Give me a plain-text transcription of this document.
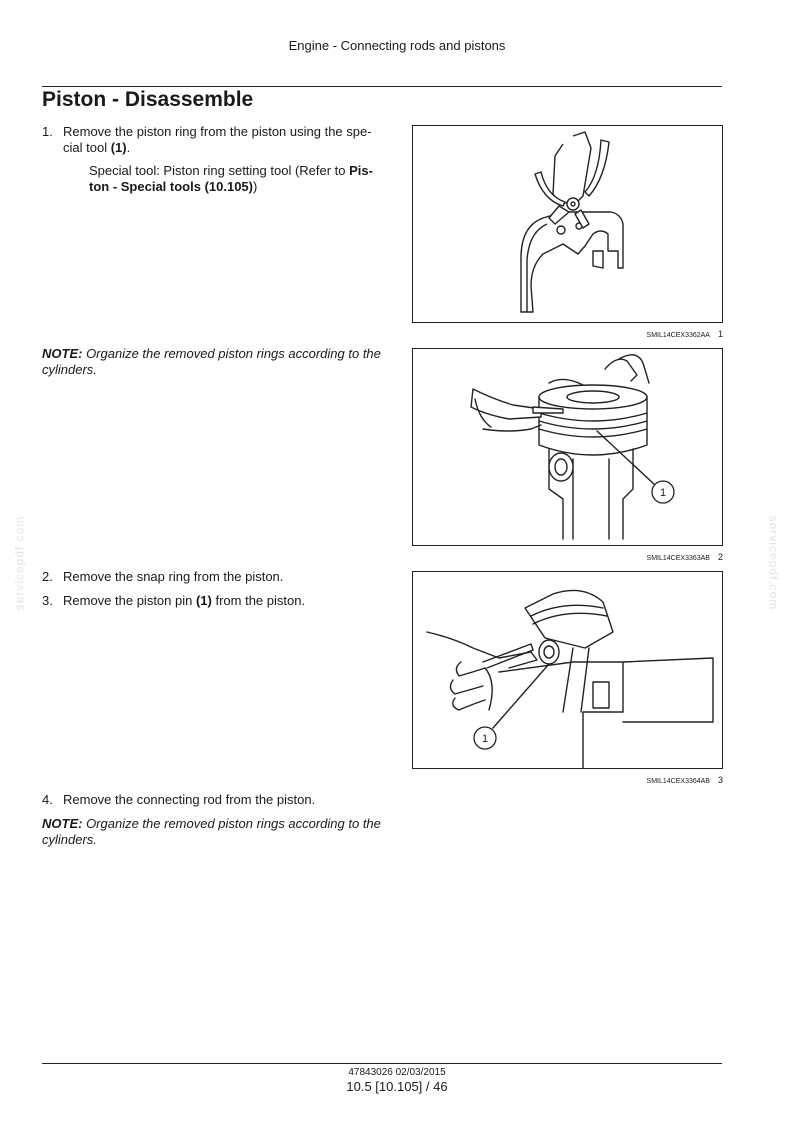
Engine - Connecting rods and pistons
Piston - Disassemble
1. Remove the piston ring from the piston using the spe-cial tool (1).
Special tool: Piston ring setting tool (Refer to Pis-ton - Special tools (10.105))
NOTE: Organize the removed piston rings according to the cylinders.
2. Remove the snap ring from the piston.
3. Remove the piston pin (1) from the piston.
4. Remove the connecting rod from the piston.
NOTE: Organize the removed piston rings according to the cylinders.
SMIL14CEX3362AA 1
1
SMIL14CEX3363AB 2
1
SMIL14CEX3364AB 3
servicepdf.com	servicepdf.com
47843026 02/03/2015
10.5 [10.105] / 46
